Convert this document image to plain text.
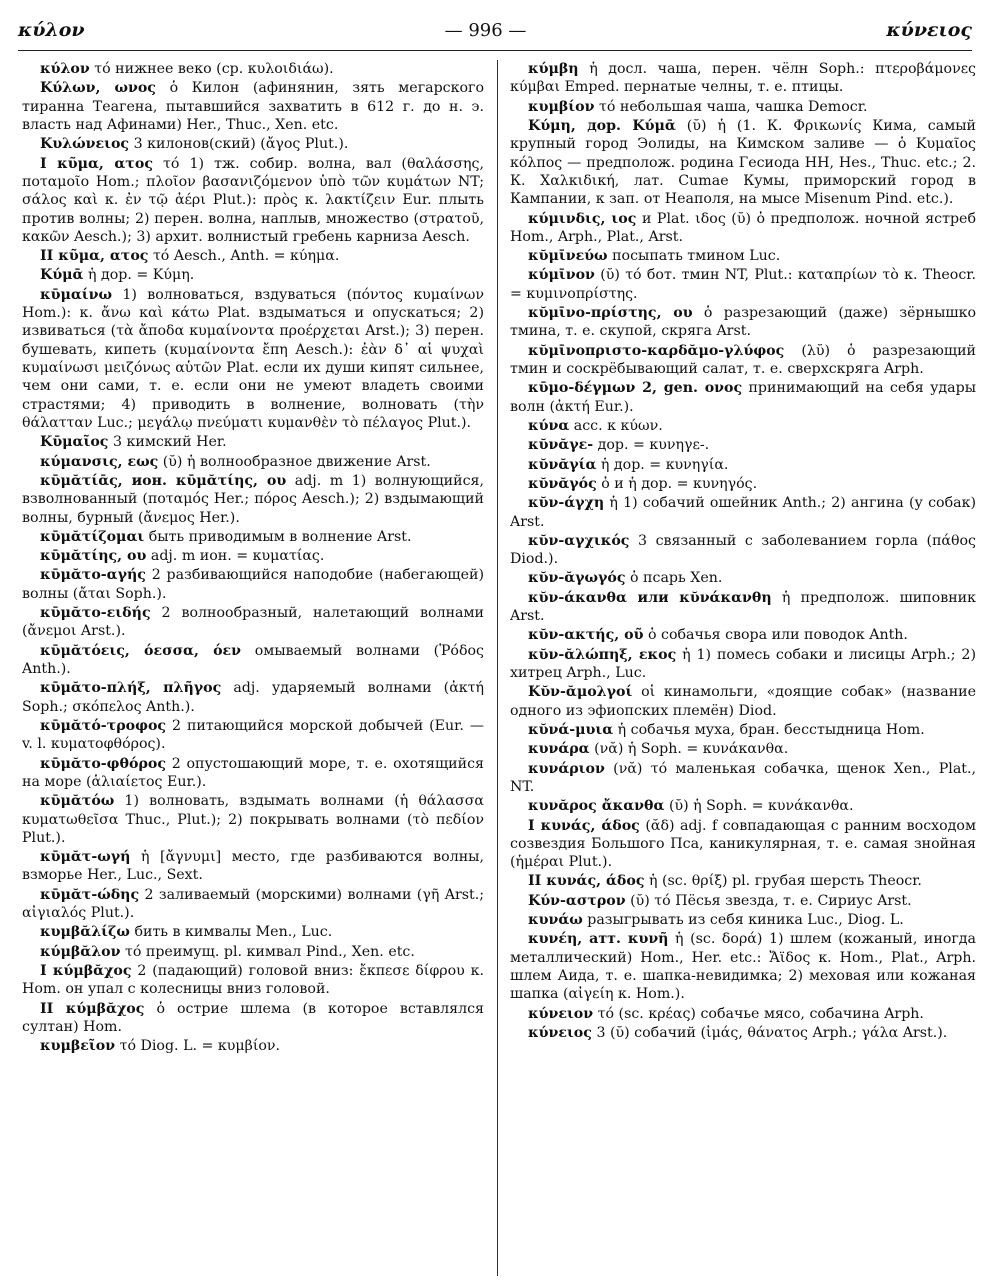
κύλον	— 996 —	κύνειος

κύλον τό нижнее веко (ср. κυλοιδιάω).

Κύλων, ωνος ὁ Килон (афинянин, зять мегарского тиранна Теагена, пытавшийся захватить в 612 г. до н. э. власть над Афинами) Her., Thuc., Xen. etc.

Κυλώνειος 3 килонов(ский) (ἄγος Plut.).

I κῦμα, ατος τό 1) тж. собир. волна, вал (θαλάσσης, ποταμοῖο Hom.; πλοῖον βασανιζόμενον ὑπὸ τῶν κυμάτων NT; σάλος καὶ κ. ἐν τῷ ἀέρι Plut.): πρὸς κ. λακτίζειν Eur. плыть против волны; 2) перен. волна, наплыв, множество (στρατοῦ, κακῶν Aesch.); 3) архит. волнистый гребень карниза Aesch.

II κῦμα, ατος τό Aesch., Anth. = κύημα.

Κύμᾱ ἡ дор. = Κύμη.

κῡμαίνω 1) волноваться, вздуваться (πόντος κυμαίνων Hom.): κ. ἄνω καὶ κάτω Plat. вздыматься и опускаться; 2) извиваться (τὰ ἄποδα κυμαίνοντα προέρχεται Arst.); 3) перен. бушевать, кипеть (κυμαίνοντα ἔπη Aesch.): ἐὰν δ᾽ αἱ ψυχαὶ κυμαίνωσι μειζόνως αὑτῶν Plat. если их души кипят сильнее, чем они сами, т. е. если они не умеют владеть своими страстями; 4) приводить в волнение, волновать (τὴν θάλατταν Luc.; μεγάλῳ πνεύματι κυμανθὲν τὸ πέλαγος Plut.).

Κῡμαῖος 3 кимский Her.

κύμανσις, εως (ῠ) ἡ волнообразное движение Arst.

κῡμᾰτίᾱς, ион. κῡμᾰτίης, ου adj. m 1) волнующийся, взволнованный (ποταμός Her.; πόρος Aesch.); 2) вздымающий волны, бурный (ἄνεμος Her.).

κῡμᾰτίζομαι быть приводимым в волнение Arst.

κῡμᾰτίης, ου adj. m ион. = κυματίας.

κῡμᾰτο-αγής 2 разбивающийся наподобие (набегающей) волны (ἄται Soph.).

κῡμᾰτο-ειδής 2 волнообразный, налетающий волнами (ἄνεμοι Arst.).

κῡμᾰτόεις, όεσσα, όεν омываемый волнами (Ῥόδος Anth.).

κῡμᾰτο-πλήξ, πλῆγος adj. ударяемый волнами (ἀκτή Soph.; σκόπελος Anth.).

κῡμᾰτό-τροφος 2 питающийся морской добычей (Eur. — v. l. κυματοφθόρος).

κῡμᾰτο-φθόρος 2 опустошающий море, т. е. охотящийся на море (ἁλιαίετος Eur.).

κῡμᾰτόω 1) волновать, вздымать волнами (ἡ θάλασσα κυματωθεῖσα Thuc., Plut.); 2) покрывать волнами (τὸ πεδίον Plut.).

κῡμᾰτ-ωγή ἡ [ἄγνυμι] место, где разбиваются волны, взморье Her., Luc., Sext.

κῡμᾰτ-ώδης 2 заливаемый (морскими) волнами (γῆ Arst.; αἰγιαλός Plut.).

κυμβᾰλίζω бить в кимвалы Men., Luc.

κύμβᾰλον τό преимущ. pl. кимвал Pind., Xen. etc.

I κύμβᾰχος 2 (падающий) головой вниз: ἔκπεσε δίφρου κ. Hom. он упал с колесницы вниз головой.

II κύμβᾰχος ὁ острие шлема (в которое вставлялся султан) Hom.

κυμβεῖον τό Diog. L. = κυμβίον.

κύμβη ἡ досл. чаша, перен. чёлн Soph.: πτεροβάμονες κύμβαι Emped. пернатые челны, т. е. птицы.

κυμβίον τό небольшая чаша, чашка Democr.

Κύμη, дор. Κύμᾱ (ῠ) ἡ (1. К. Φρικωνίς Кима, самый крупный город Эолиды, на Кимском заливе — ὁ Κυμαῖος κόλπος — предполож. родина Гесиода HH, Hes., Thuc. etc.; 2. К. Χαλκιδική, лат. Cumae Кумы, приморский город в Кампании, к зап. от Неаполя, на мысе Misenum Pind. etc.).

κύμινδις, ιος и Plat. ιδος (ῠ) ὁ предполож. ночной ястреб Hom., Arph., Plat., Arst.

κῠμῑνεύω посыпать тмином Luc.

κύμῑνον (ῠ) τό бот. тмин NT, Plut.: καταπρίων τὸ κ. Theocr. = κυμινοπρίστης.

κῠμῑνο-πρίστης, ου ὁ разрезающий (даже) зёрнышко тмина, т. е. скупой, скряга Arst.

κῠμῑνοπριστο-καρδᾰμο-γλύφος (λῠ) ὁ разрезающий тмин и соскрёбывающий салат, т. е. сверхскряга Arph.

κῡμο-δέγμων 2, gen. ονος принимающий на себя удары волн (ἀκτή Eur.).

κύνα acc. к κύων.

κῠνᾰγε- дор. = κυνηγε-.

κῠνᾰγία ἡ дор. = κυνηγία.

κῠνᾰγός ὁ и ἡ дор. = κυνηγός.

κῠν-άγχη ἡ 1) собачий ошейник Anth.; 2) ангина (у собак) Arst.

κῠν-αγχικός 3 связанный с заболеванием горла (πάθος Diod.).

κῠν-ᾰγωγός ὁ псарь Xen.

κῠν-άκανθα или κῠνάκανθη ἡ предполож. шиповник Arst.

κῠν-ακτής, οῦ ὁ собачья свора или поводок Anth.

κῠν-ᾰλώπηξ, εκος ἡ 1) помесь собаки и лисицы Arph.; 2) хитрец Arph., Luc.

Κῠν-ᾰμολγοί οἱ кинамольги, «доящие собак» (название одного из эфиопских племён) Diod.

κῠνά-μυια ἡ собачья муха, бран. бесстыдница Hom.

κυνάρα (νᾰ) ἡ Soph. = κυνάκανθα.

κυνάριον (νᾰ) τό маленькая собачка, щенок Xen., Plat., NT.

κυνᾰρος ἄκανθα (ῠ) ἡ Soph. = κυνάκανθα.

I κυνάς, άδος (ᾰδ) adj. f совпадающая с ранним восходом созвездия Большого Пса, каникулярная, т. е. самая знойная (ἡμέραι Plut.).

II κυνάς, άδος ἡ (sc. θρίξ) pl. грубая шерсть Theocr.

Κύν-αστρον (ῠ) τό Пёсья звезда, т. е. Сириус Arst.

κυνάω разыгрывать из себя киника Luc., Diog. L.

κυνέη, атт. κυνῆ ἡ (sc. δορά) 1) шлем (кожаный, иногда металлический) Hom., Her. etc.: Ἄϊδος κ. Hom., Plat., Arph. шлем Аида, т. е. шапка-невидимка; 2) меховая или кожаная шапка (αἰγείη κ. Hom.).

κύνειον τό (sc. κρέας) собачье мясо, собачина Arph.

κύνειος 3 (ῠ) собачий (ἱμάς, θάνατος Arph.; γάλα Arst.).
